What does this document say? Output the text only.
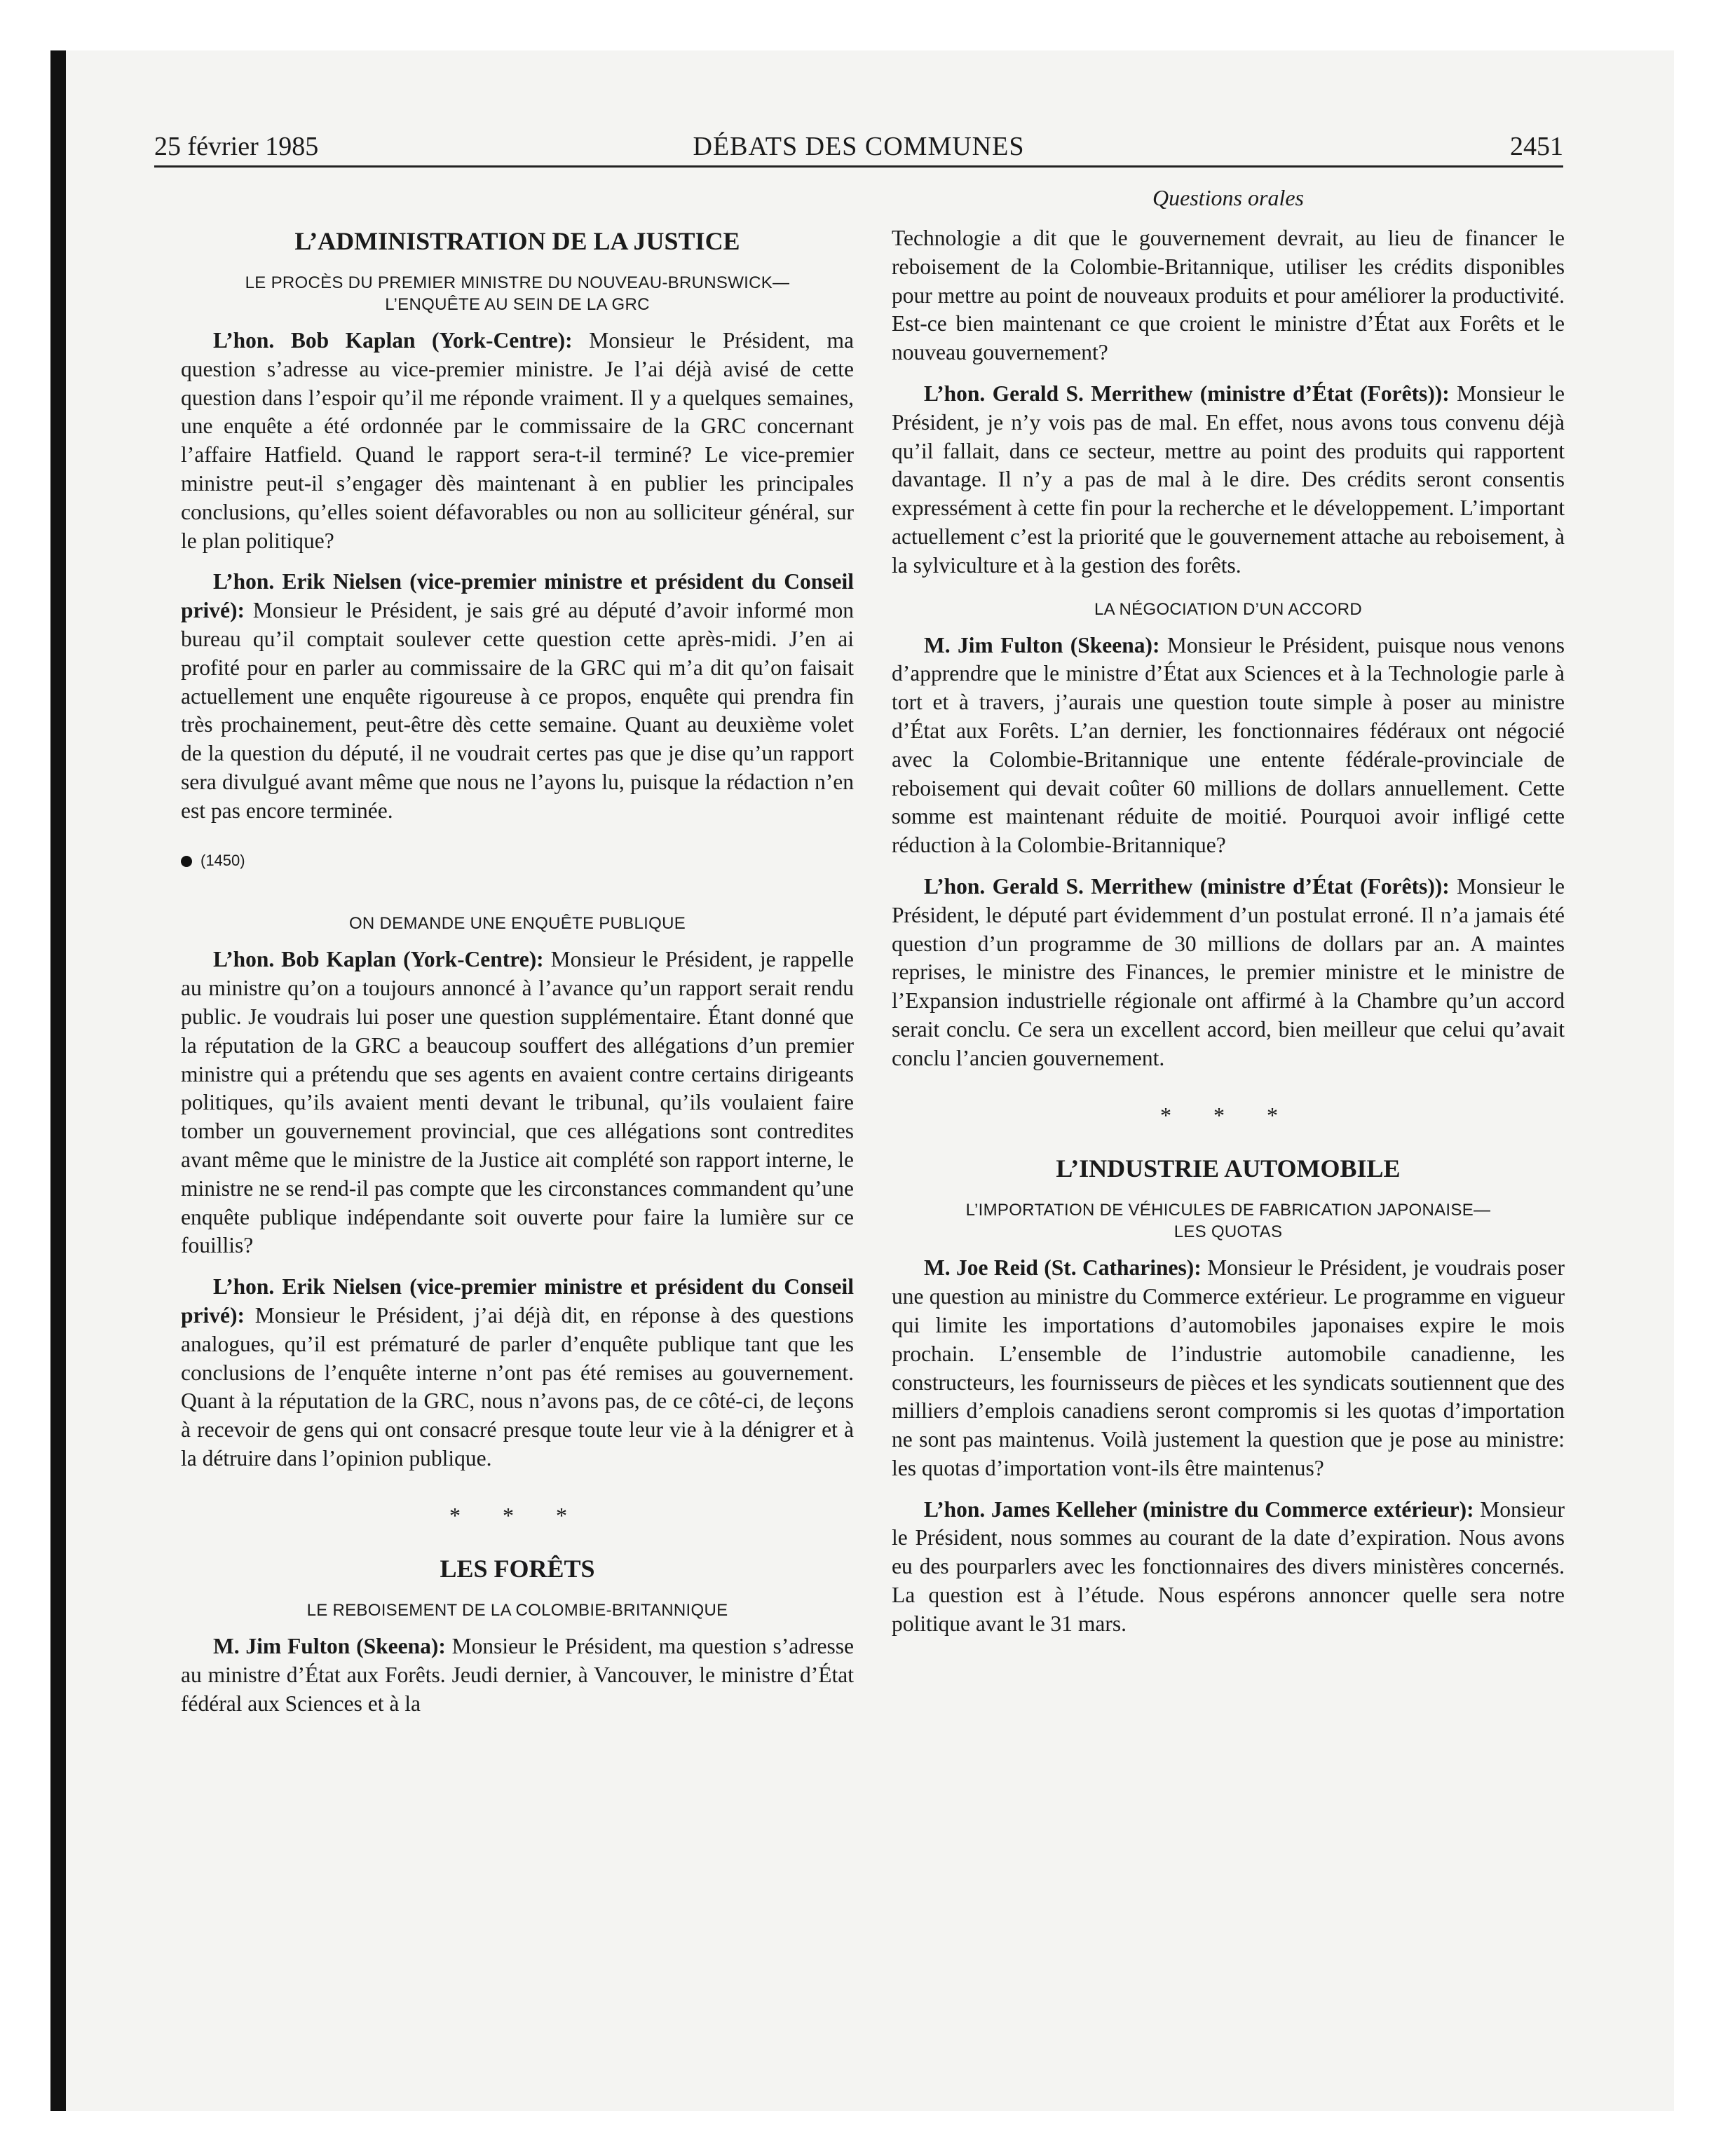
25 février 1985	DÉBATS DES COMMUNES	2451
L’ADMINISTRATION DE LA JUSTICE
LE PROCÈS DU PREMIER MINISTRE DU NOUVEAU-BRUNSWICK—
L’ENQUÊTE AU SEIN DE LA GRC

L’hon. Bob Kaplan (York-Centre): Monsieur le Président, ma question s’adresse au vice-premier ministre. Je l’ai déjà avisé de cette question dans l’espoir qu’il me réponde vraiment. Il y a quelques semaines, une enquête a été ordonnée par le commissaire de la GRC concernant l’affaire Hatfield. Quand le rapport sera-t-il terminé? Le vice-premier ministre peut-il s’engager dès maintenant à en publier les principales conclusions, qu’elles soient défavorables ou non au solliciteur général, sur le plan politique?

L’hon. Erik Nielsen (vice-premier ministre et président du Conseil privé): Monsieur le Président, je sais gré au député d’avoir informé mon bureau qu’il comptait soulever cette question cette après-midi. J’en ai profité pour en parler au commissaire de la GRC qui m’a dit qu’on faisait actuellement une enquête rigoureuse à ce propos, enquête qui prendra fin très prochainement, peut-être dès cette semaine. Quant au deuxième volet de la question du député, il ne voudrait certes pas que je dise qu’un rapport sera divulgué avant même que nous ne l’ayons lu, puisque la rédaction n’en est pas encore terminée.

(1450)
ON DEMANDE UNE ENQUÊTE PUBLIQUE

L’hon. Bob Kaplan (York-Centre): Monsieur le Président, je rappelle au ministre qu’on a toujours annoncé à l’avance qu’un rapport serait rendu public. Je voudrais lui poser une question supplémentaire. Étant donné que la réputation de la GRC a beaucoup souffert des allégations d’un premier ministre qui a prétendu que ses agents en avaient contre certains dirigeants politiques, qu’ils avaient menti devant le tribunal, qu’ils voulaient faire tomber un gouvernement provincial, que ces allégations sont contredites avant même que le ministre de la Justice ait complété son rapport interne, le ministre ne se rend-il pas compte que les circonstances commandent qu’une enquête publique indépendante soit ouverte pour faire la lumière sur ce fouillis?

L’hon. Erik Nielsen (vice-premier ministre et président du Conseil privé): Monsieur le Président, j’ai déjà dit, en réponse à des questions analogues, qu’il est prématuré de parler d’enquête publique tant que les conclusions de l’enquête interne n’ont pas été remises au gouvernement. Quant à la réputation de la GRC, nous n’avons pas, de ce côté-ci, de leçons à recevoir de gens qui ont consacré presque toute leur vie à la dénigrer et à la détruire dans l’opinion publique.

* * *
LES FORÊTS
LE REBOISEMENT DE LA COLOMBIE-BRITANNIQUE

M. Jim Fulton (Skeena): Monsieur le Président, ma question s’adresse au ministre d’État aux Forêts. Jeudi dernier, à Vancouver, le ministre d’État fédéral aux Sciences et à la

Questions orales

Technologie a dit que le gouvernement devrait, au lieu de financer le reboisement de la Colombie-Britannique, utiliser les crédits disponibles pour mettre au point de nouveaux produits et pour améliorer la productivité. Est-ce bien maintenant ce que croient le ministre d’État aux Forêts et le nouveau gouvernement?

L’hon. Gerald S. Merrithew (ministre d’État (Forêts)): Monsieur le Président, je n’y vois pas de mal. En effet, nous avons tous convenu déjà qu’il fallait, dans ce secteur, mettre au point des produits qui rapportent davantage. Il n’y a pas de mal à le dire. Des crédits seront consentis expressément à cette fin pour la recherche et le développement. L’important actuellement c’est la priorité que le gouvernement attache au reboisement, à la sylviculture et à la gestion des forêts.

LA NÉGOCIATION D’UN ACCORD

M. Jim Fulton (Skeena): Monsieur le Président, puisque nous venons d’apprendre que le ministre d’État aux Sciences et à la Technologie parle à tort et à travers, j’aurais une question toute simple à poser au ministre d’État aux Forêts. L’an dernier, les fonctionnaires fédéraux ont négocié avec la Colombie-Britannique une entente fédérale-provinciale de reboisement qui devait coûter 60 millions de dollars annuellement. Cette somme est maintenant réduite de moitié. Pourquoi avoir infligé cette réduction à la Colombie-Britannique?

L’hon. Gerald S. Merrithew (ministre d’État (Forêts)): Monsieur le Président, le député part évidemment d’un postulat erroné. Il n’a jamais été question d’un programme de 30 millions de dollars par an. A maintes reprises, le ministre des Finances, le premier ministre et le ministre de l’Expansion industrielle régionale ont affirmé à la Chambre qu’un accord serait conclu. Ce sera un excellent accord, bien meilleur que celui qu’avait conclu l’ancien gouvernement.

* * *
L’INDUSTRIE AUTOMOBILE
L’IMPORTATION DE VÉHICULES DE FABRICATION JAPONAISE—
LES QUOTAS

M. Joe Reid (St. Catharines): Monsieur le Président, je voudrais poser une question au ministre du Commerce extérieur. Le programme en vigueur qui limite les importations d’automobiles japonaises expire le mois prochain. L’ensemble de l’industrie automobile canadienne, les constructeurs, les fournisseurs de pièces et les syndicats soutiennent que des milliers d’emplois canadiens seront compromis si les quotas d’importation ne sont pas maintenus. Voilà justement la question que je pose au ministre: les quotas d’importation vont-ils être maintenus?

L’hon. James Kelleher (ministre du Commerce extérieur): Monsieur le Président, nous sommes au courant de la date d’expiration. Nous avons eu des pourparlers avec les fonctionnaires des divers ministères concernés. La question est à l’étude. Nous espérons annoncer quelle sera notre politique avant le 31 mars.
